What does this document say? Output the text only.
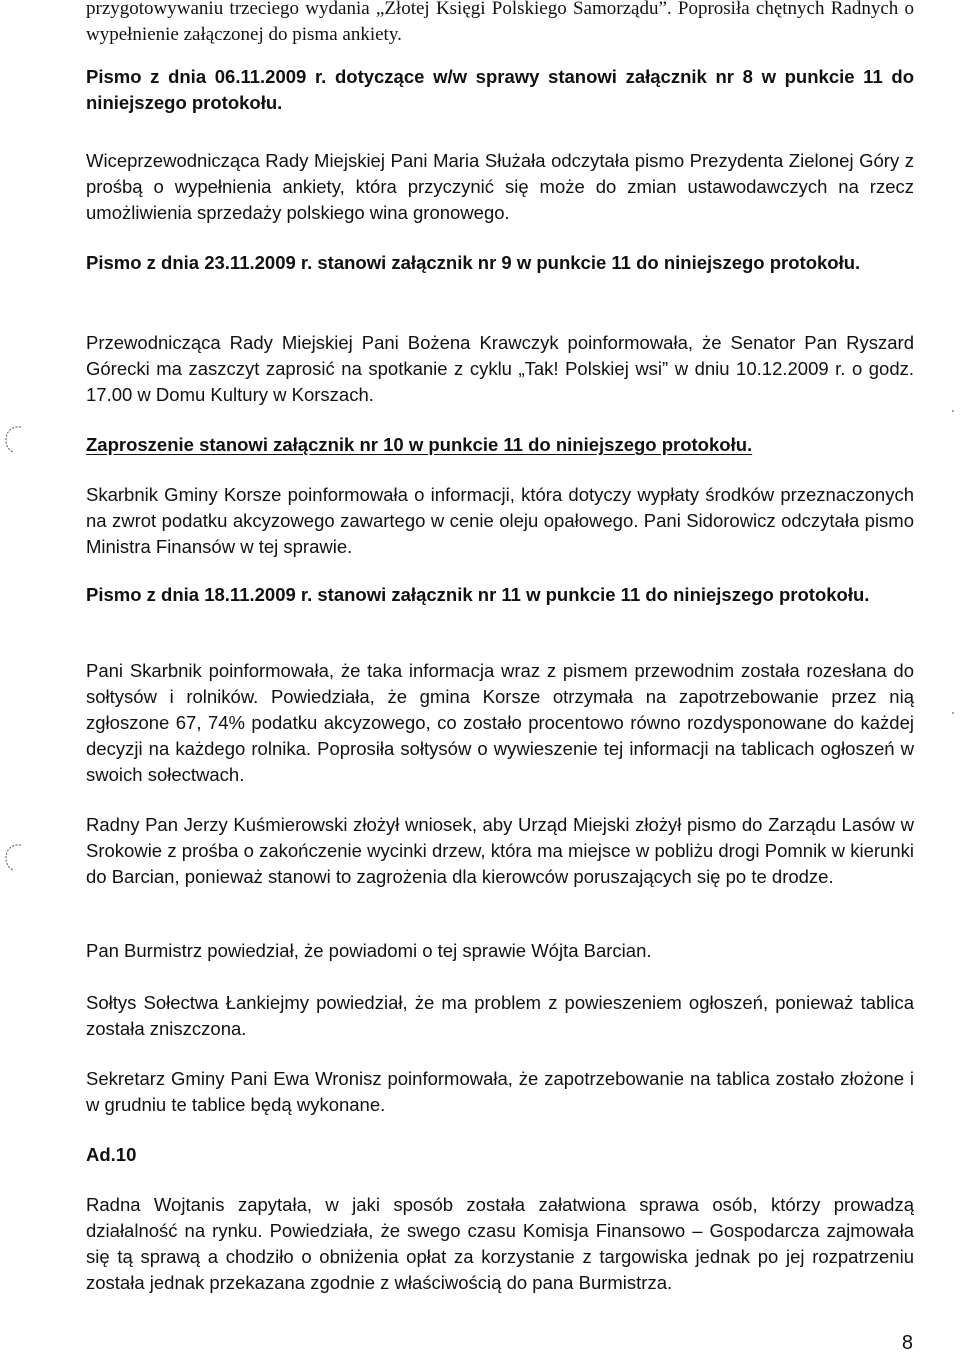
przygotowywaniu trzeciego wydania „Złotej Księgi Polskiego Samorządu”. Poprosiła chętnych Radnych o wypełnienie załączonej do pisma ankiety.

Pismo z dnia 06.11.2009 r. dotyczące w/w sprawy stanowi załącznik nr 8 w punkcie 11 do niniejszego protokołu.

Wiceprzewodnicząca Rady Miejskiej Pani Maria Służała odczytała pismo Prezydenta Zielonej Góry z prośbą o wypełnienia ankiety, która przyczynić się może do zmian ustawodawczych na rzecz umożliwienia sprzedaży polskiego wina gronowego.

Pismo z dnia 23.11.2009 r. stanowi załącznik nr 9 w punkcie 11 do niniejszego protokołu.

Przewodnicząca Rady Miejskiej Pani Bożena Krawczyk poinformowała, że Senator Pan Ryszard Górecki ma zaszczyt zaprosić na spotkanie z cyklu „Tak! Polskiej wsi” w dniu 10.12.2009 r. o godz. 17.00 w Domu Kultury w Korszach.

Zaproszenie stanowi załącznik nr 10 w punkcie 11 do niniejszego protokołu.

Skarbnik Gminy Korsze poinformowała o informacji, która dotyczy wypłaty środków przeznaczonych na zwrot podatku akcyzowego zawartego w cenie oleju opałowego. Pani Sidorowicz odczytała pismo Ministra Finansów w tej sprawie.

Pismo z dnia 18.11.2009 r. stanowi załącznik nr 11 w punkcie 11 do niniejszego protokołu.

Pani Skarbnik poinformowała, że taka informacja wraz z pismem przewodnim została rozesłana do sołtysów i rolników. Powiedziała, że gmina Korsze otrzymała na zapotrzebowanie przez nią zgłoszone 67, 74% podatku akcyzowego, co zostało procentowo równo rozdysponowane do każdej decyzji na każdego rolnika. Poprosiła sołtysów o wywieszenie tej informacji na tablicach ogłoszeń w swoich sołectwach.

Radny Pan Jerzy Kuśmierowski złożył wniosek, aby Urząd Miejski złożył pismo do Zarządu Lasów w Srokowie z prośba o zakończenie wycinki drzew, która ma miejsce w pobliżu drogi Pomnik w kierunki do Barcian, ponieważ stanowi to zagrożenia dla kierowców poruszających się po te drodze.

Pan Burmistrz powiedział, że powiadomi o tej sprawie Wójta Barcian.

Sołtys Sołectwa Łankiejmy powiedział, że ma problem z powieszeniem ogłoszeń, ponieważ tablica została zniszczona.

Sekretarz Gminy Pani Ewa Wronisz poinformowała, że zapotrzebowanie na tablica zostało złożone i w grudniu te tablice będą wykonane.

Ad.10

Radna Wojtanis zapytała, w jaki sposób została załatwiona sprawa osób, którzy prowadzą działalność na rynku. Powiedziała, że swego czasu Komisja Finansowo – Gospodarcza zajmowała się tą sprawą a chodziło o obniżenia opłat za korzystanie z targowiska jednak po jej rozpatrzeniu została jednak przekazana zgodnie z właściwością do pana Burmistrza.

8
